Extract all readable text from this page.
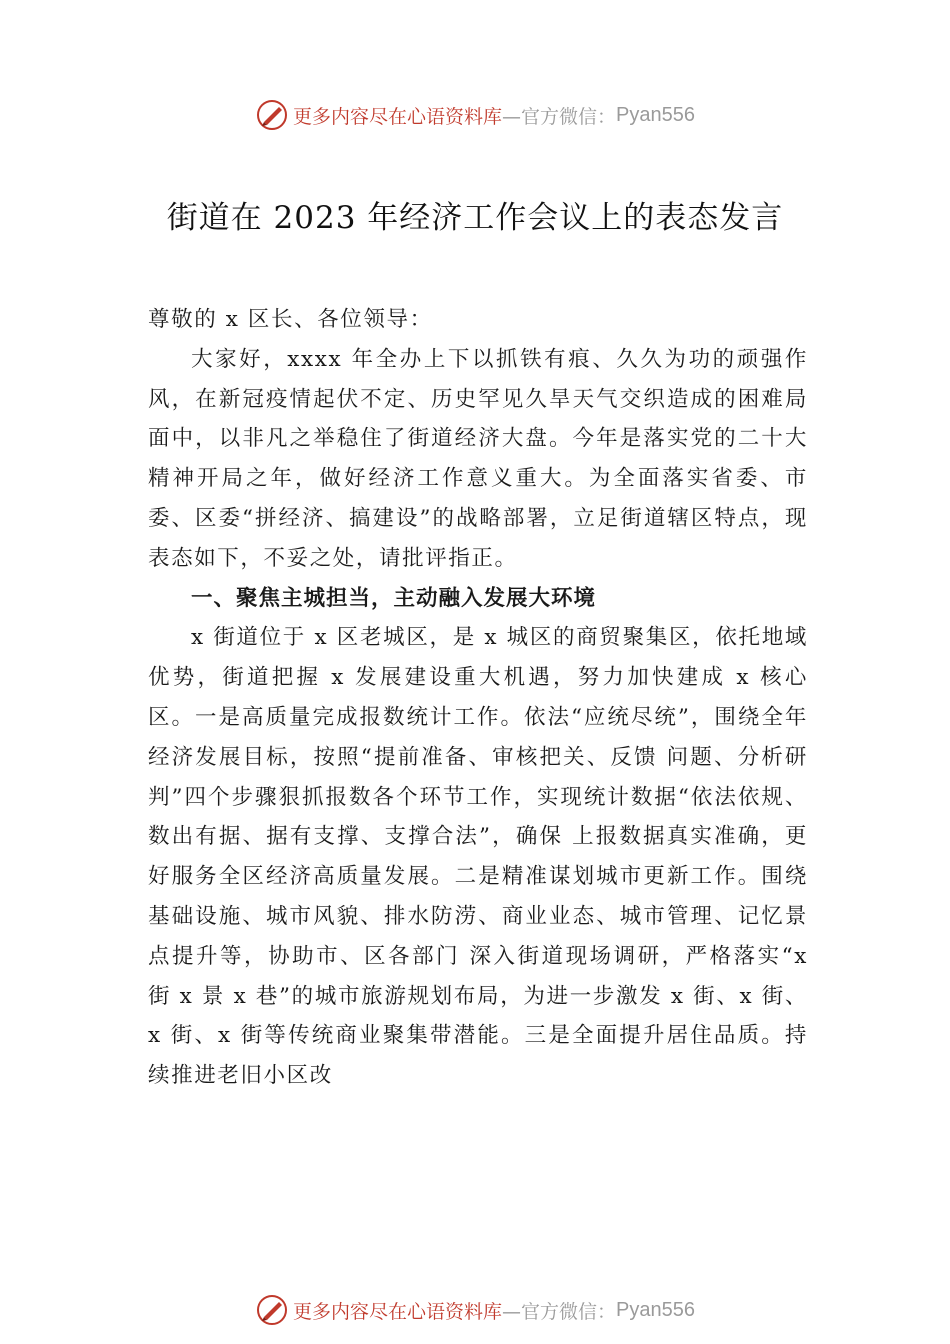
更多内容尽在心语资料库 —官方微信： Pyan556
街道在 2023 年经济工作会议上的表态发言

尊敬的 x 区长、各位领导：

大家好，xxxx 年全办上下以抓铁有痕、久久为功的顽强作风，在新冠疫情起伏不定、历史罕见久旱天气交织造成的困难局面中，以非凡之举稳住了街道经济大盘。今年是落实党的二十大精神开局之年，做好经济工作意义重大。为全面落实省委、市委、区委“拼经济、搞建设”的战略部署，立足街道辖区特点，现表态如下，不妥之处，请批评指正。

一、聚焦主城担当，主动融入发展大环境

x 街道位于 x 区老城区，是 x 城区的商贸聚集区，依托地域优势，街道把握 x 发展建设重大机遇，努力加快建成 x 核心区。一是高质量完成报数统计工作。依法“应统尽统”，围绕全年经济发展目标，按照“提前准备、审核把关、反馈 问题、分析研判”四个步骤狠抓报数各个环节工作，实现统计数据“依法依规、数出有据、据有支撑、支撑合法”，确保 上报数据真实准确，更好服务全区经济高质量发展。二是精准谋划城市更新工作。围绕基础设施、城市风貌、排水防涝、商业业态、城市管理、记忆景点提升等，协助市、区各部门 深入街道现场调研，严格落实“x 街 x 景 x 巷”的城市旅游规划布局，为进一步激发 x 街、x 街、x 街、x 街等传统商业聚集带潜能。三是全面提升居住品质。持续推进老旧小区改

更多内容尽在心语资料库 —官方微信： Pyan556
